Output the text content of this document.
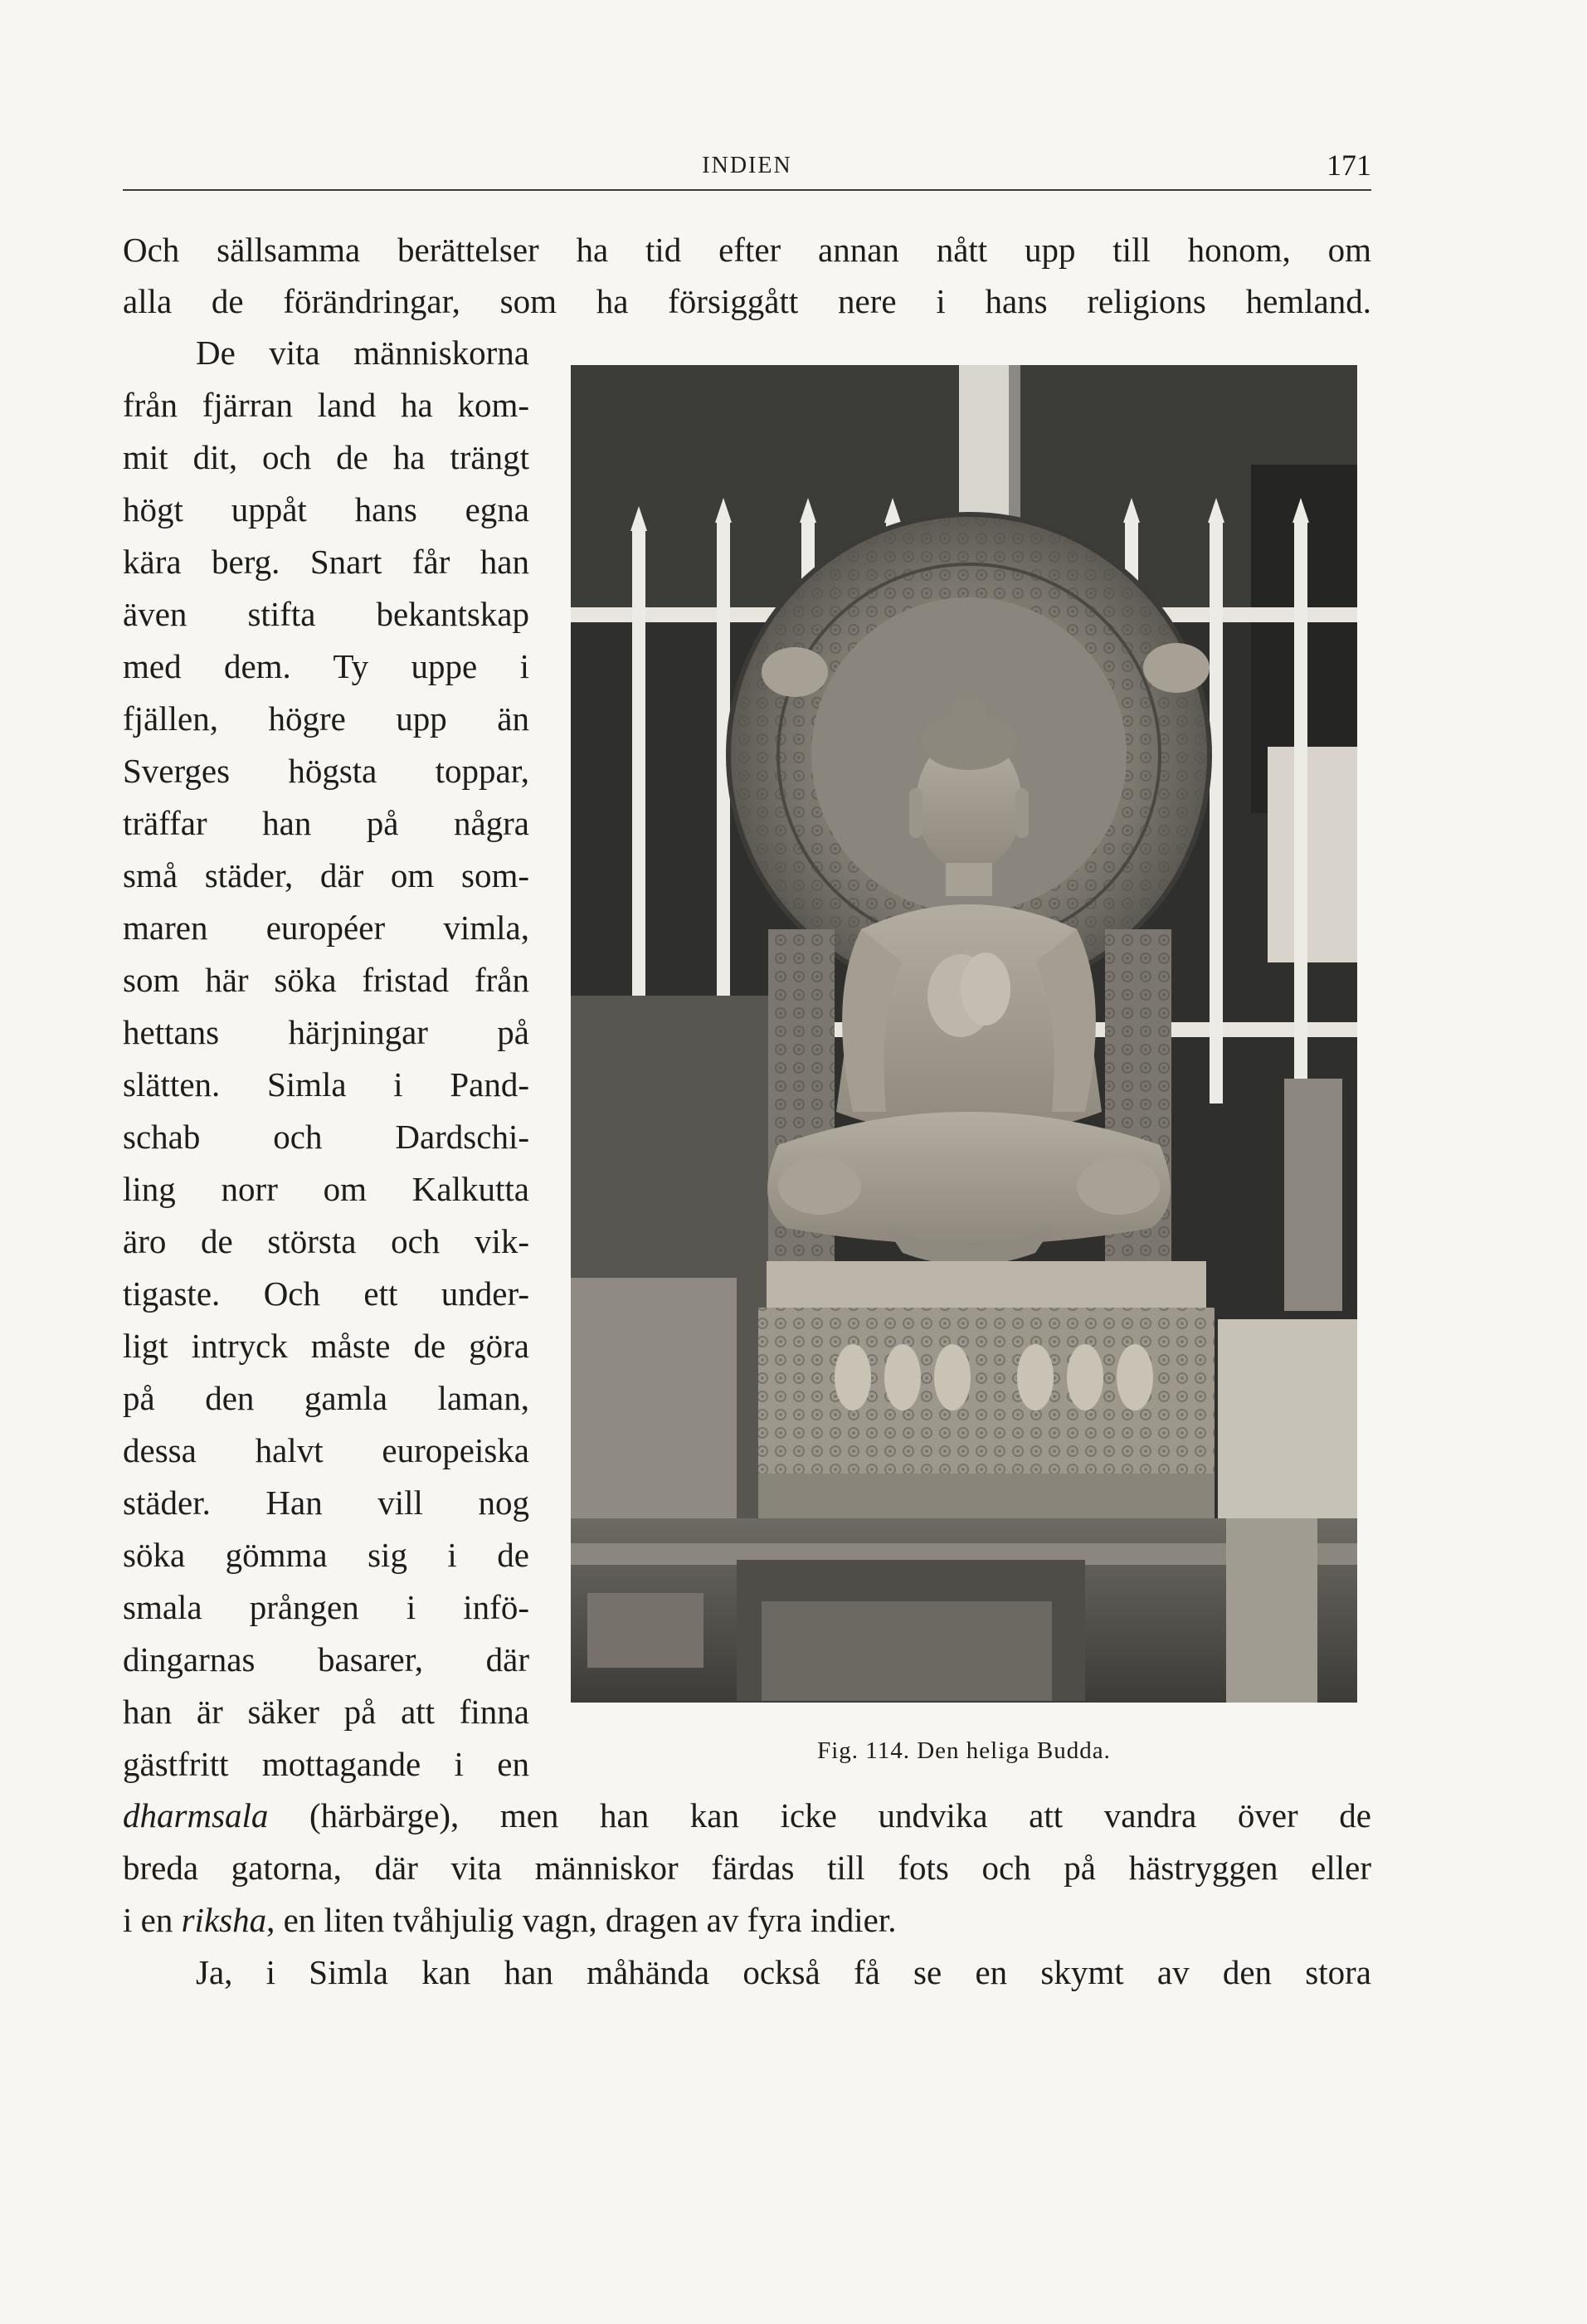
INDIEN	171
Och sällsamma berättelser ha tid efter annan nått upp till honom, om
alla de förändringar, som ha försiggått nere i hans religions hemland.
De vita människorna
från fjärran land ha kom-
mit dit, och de ha trängt
högt uppåt hans egna
kära berg. Snart får han
även stifta bekantskap
med dem. Ty uppe i
fjällen, högre upp än
Sverges högsta toppar,
träffar han på några
små städer, där om som-
maren européer vimla,
som här söka fristad från
hettans härjningar på
slätten. Simla i Pand-
schab och Dardschi-
ling norr om Kalkutta
äro de största och vik-
tigaste. Och ett under-
ligt intryck måste de göra
på den gamla laman,
dessa halvt europeiska
städer. Han vill nog
söka gömma sig i de
smala prången i infö-
dingarnas basarer, där
han är säker på att finna
gästfritt mottagande i en
dharmsala (härbärge), men han kan icke undvika att vandra över de
breda gatorna, där vita människor färdas till fots och på hästryggen eller
i en riksha, en liten tvåhjulig vagn, dragen av fyra indier.
Ja, i Simla kan han måhända också få se en skymt av den stora
Fig. 114. Den heliga Budda.
